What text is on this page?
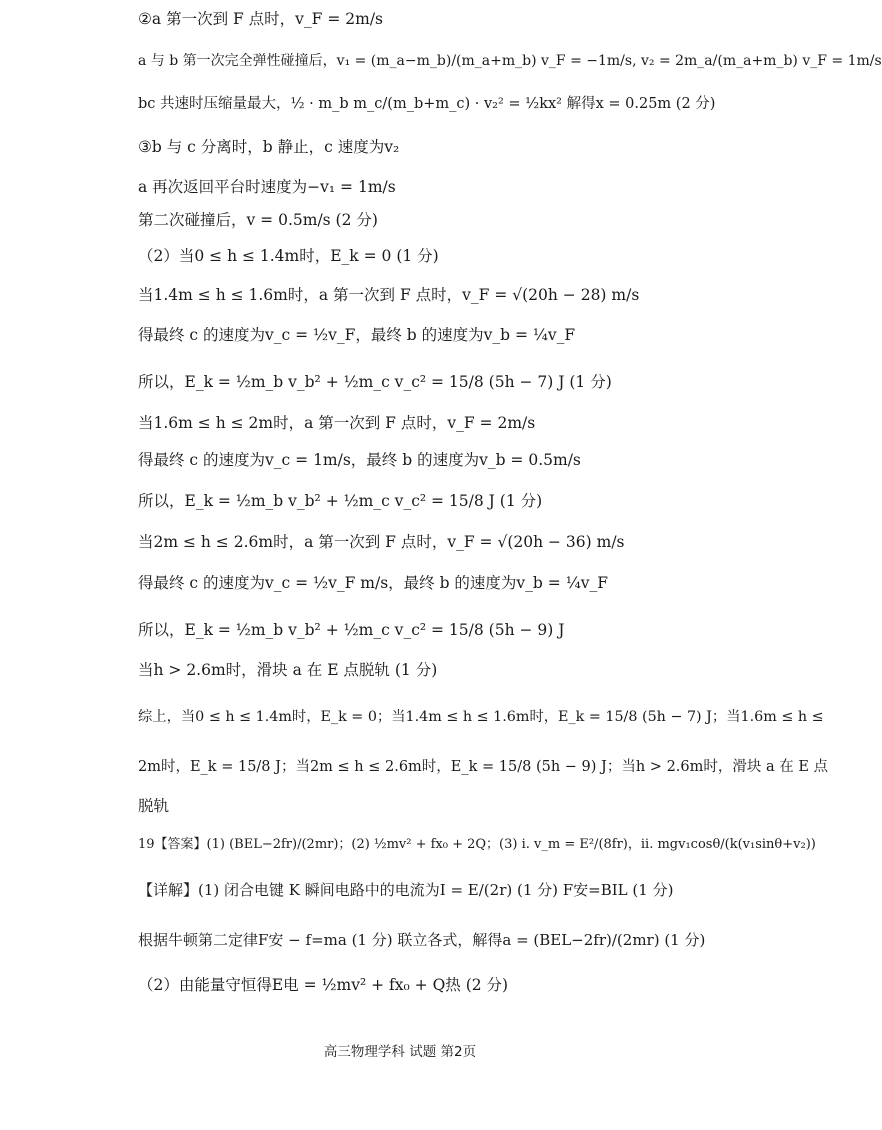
②a 第一次到 F 点时，v_F = 2m/s
a 与 b 第一次完全弹性碰撞后，v₁ = (m_a−m_b)/(m_a+m_b) v_F = −1m/s, v₂ = 2m_a/(m_a+m_b) v_F = 1m/s
bc 共速时压缩量最大，½ · m_b m_c/(m_b+m_c) · v₂² = ½kx² 解得x = 0.25m (2 分)
③b 与 c 分离时，b 静止，c 速度为v₂
a 再次返回平台时速度为−v₁ = 1m/s
第二次碰撞后，v = 0.5m/s (2 分)
（2）当0 ≤ h ≤ 1.4m时，E_k = 0 (1 分)
当1.4m ≤ h ≤ 1.6m时，a 第一次到 F 点时，v_F = √(20h − 28) m/s
得最终 c 的速度为v_c = ½v_F，最终 b 的速度为v_b = ¼v_F
所以，E_k = ½m_b v_b² + ½m_c v_c² = 15/8 (5h − 7) J (1 分)
当1.6m ≤ h ≤ 2m时，a 第一次到 F 点时，v_F = 2m/s
得最终 c 的速度为v_c = 1m/s，最终 b 的速度为v_b = 0.5m/s
所以，E_k = ½m_b v_b² + ½m_c v_c² = 15/8 J (1 分)
当2m ≤ h ≤ 2.6m时，a 第一次到 F 点时，v_F = √(20h − 36) m/s
得最终 c 的速度为v_c = ½v_F m/s，最终 b 的速度为v_b = ¼v_F
所以，E_k = ½m_b v_b² + ½m_c v_c² = 15/8 (5h − 9) J
当h > 2.6m时，滑块 a 在 E 点脱轨 (1 分)
综上，当0 ≤ h ≤ 1.4m时，E_k = 0；当1.4m ≤ h ≤ 1.6m时，E_k = 15/8 (5h − 7) J；当1.6m ≤ h ≤
2m时，E_k = 15/8 J；当2m ≤ h ≤ 2.6m时，E_k = 15/8 (5h − 9) J；当h > 2.6m时，滑块 a 在 E 点
脱轨
19【答案】(1) (BEL−2fr)/(2mr)；(2) ½mv² + fx₀ + 2Q；(3) i. v_m = E²/(8fr)，ii. mgv₁cosθ/(k(v₁sinθ+v₂))
【详解】(1) 闭合电键 K 瞬间电路中的电流为I = E/(2r) (1 分) F安=BIL (1 分)
根据牛顿第二定律F安 − f=ma (1 分) 联立各式，解得a = (BEL−2fr)/(2mr) (1 分)
（2）由能量守恒得E电 = ½mv² + fx₀ + Q热 (2 分)
高三物理学科 试题 第2页
